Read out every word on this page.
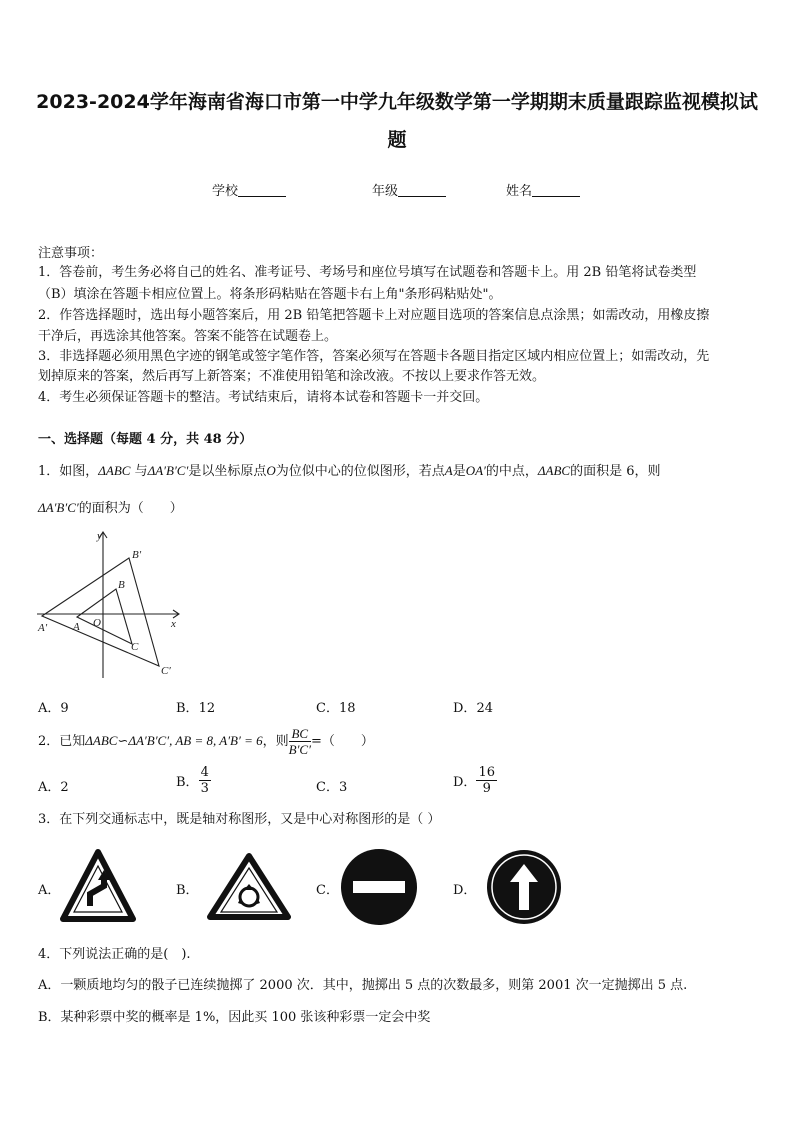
2023-2024学年海南省海口市第一中学九年级数学第一学期期末质量跟踪监视模拟试
题
学校	年级	姓名
注意事项：
1．答卷前，考生务必将自己的姓名、准考证号、考场号和座位号填写在试题卷和答题卡上。用 2B 铅笔将试卷类型
（B）填涂在答题卡相应位置上。将条形码粘贴在答题卡右上角"条形码粘贴处"。
2．作答选择题时，选出每小题答案后，用 2B 铅笔把答题卡上对应题目选项的答案信息点涂黑；如需改动，用橡皮擦
干净后，再选涂其他答案。答案不能答在试题卷上。
3．非选择题必须用黑色字迹的钢笔或签字笔作答，答案必须写在答题卡各题目指定区域内相应位置上；如需改动，先
划掉原来的答案，然后再写上新答案；不准使用铅笔和涂改液。不按以上要求作答无效。
4．考生必须保证答题卡的整洁。考试结束后，请将本试卷和答题卡一并交回。
一、选择题（每题 4 分，共 48 分）
1．如图，ΔABC 与ΔA′B′C′是以坐标原点O为位似中心的位似图形，若点A是OA′的中点，ΔABC的面积是 6，则
ΔA′B′C′的面积为（　　）
y
x
B′
B
A′ A O
C
C′
A．9	B．12	C．18	D．24
2．已知ΔABC∽ΔA′B′C′, AB = 8, A′B′ = 6，则 $\frac{BC}{B'C'}$ =（　　）
A．2	B． $\frac{4}{3}$	C．3	D． $\frac{16}{9}$
3．在下列交通标志中，既是轴对称图形，又是中心对称图形的是（ ）
A．	B．	C．	D．
4．下列说法正确的是(　).
A．一颗质地均匀的骰子已连续抛掷了 2000 次．其中，抛掷出 5 点的次数最多，则第 2001 次一定抛掷出 5 点.
B．某种彩票中奖的概率是 1%，因此买 100 张该种彩票一定会中奖
